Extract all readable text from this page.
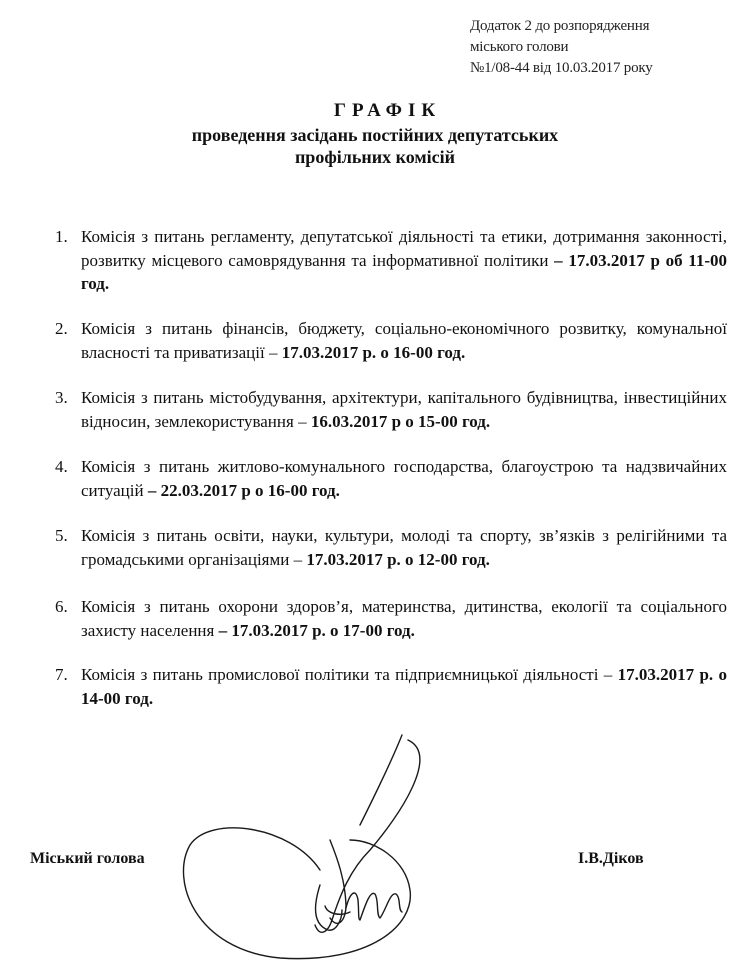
Додаток 2 до розпорядження
міського голови
№1/08-44 від 10.03.2017 року
ГРАФІК
проведення засідань постійних депутатських
профільних комісій
1. Комісія з питань регламенту, депутатської діяльності та етики, дотримання законності, розвитку місцевого самоврядування та інформативної політики – 17.03.2017 р об 11-00 год.
2. Комісія з питань фінансів, бюджету, соціально-економічного розвитку, комунальної власності та приватизації – 17.03.2017 р. о 16-00 год.
3. Комісія з питань містобудування, архітектури, капітального будівництва, інвестиційних відносин, землекористування – 16.03.2017 р о 15-00 год.
4. Комісія з питань житлово-комунального господарства, благоустрою та надзвичайних ситуацій – 22.03.2017 р о 16-00 год.
5. Комісія з питань освіти, науки, культури, молоді та спорту, зв’язків з релігійними та громадськими організаціями – 17.03.2017 р. о 12-00 год.
6. Комісія з питань охорони здоров’я, материнства, дитинства, екології та соціального захисту населення – 17.03.2017 р. о 17-00 год.
7. Комісія з питань промислової політики та підприємницької діяльності – 17.03.2017 р. о 14-00 год.
Міський голова	І.В.Діков
